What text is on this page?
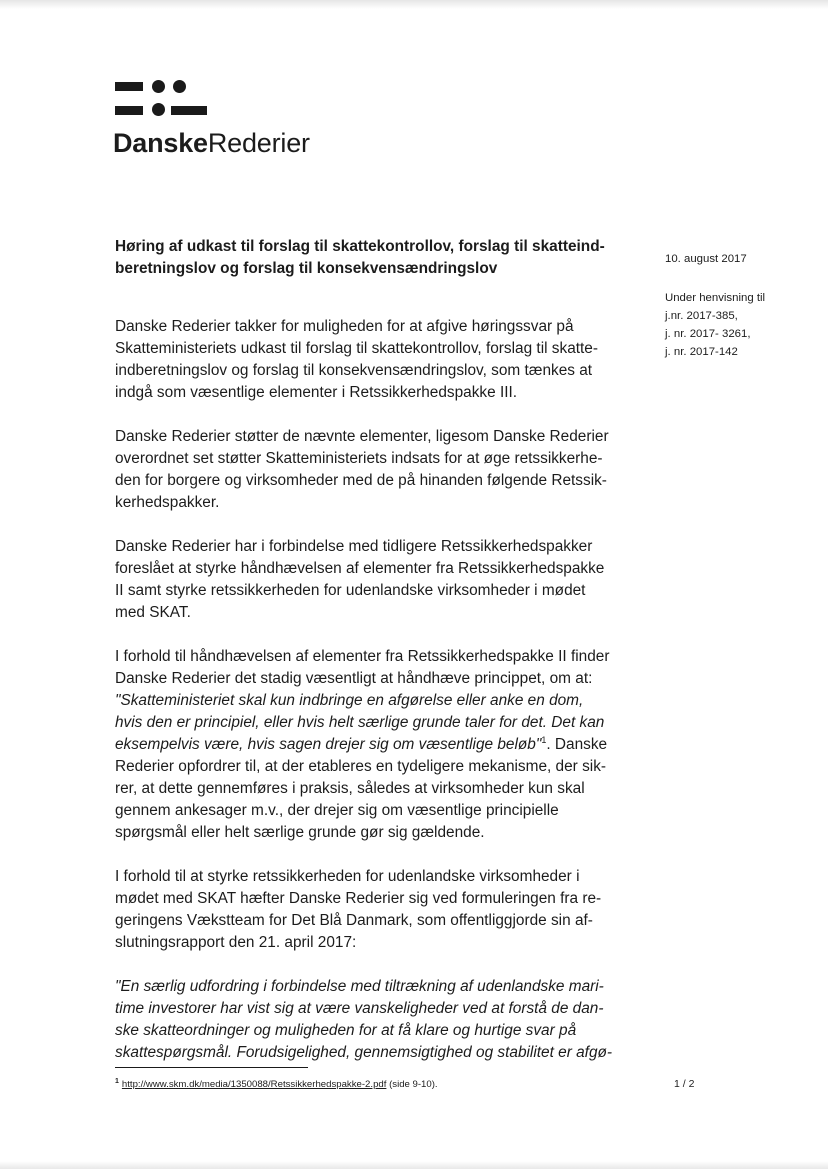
DanskeRederier
Høring af udkast til forslag til skattekontrollov, forslag til skatteind-
beretningslov og forslag til konsekvensændringslov
10. august 2017
Under henvisning til
j.nr. 2017-385,
j. nr. 2017- 3261,
j. nr. 2017-142

Danske Rederier takker for muligheden for at afgive høringssvar på
Skatteministeriets udkast til forslag til skattekontrollov, forslag til skatte-
indberetningslov og forslag til konsekvensændringslov, som tænkes at
indgå som væsentlige elementer i Retssikkerhedspakke III.

Danske Rederier støtter de nævnte elementer, ligesom Danske Rederier
overordnet set støtter Skatteministeriets indsats for at øge retssikkerhe-
den for borgere og virksomheder med de på hinanden følgende Retssik-
kerhedspakker.

Danske Rederier har i forbindelse med tidligere Retssikkerhedspakker
foreslået at styrke håndhævelsen af elementer fra Retssikkerhedspakke
II samt styrke retssikkerheden for udenlandske virksomheder i mødet
med SKAT.

I forhold til håndhævelsen af elementer fra Retssikkerhedspakke II finder
Danske Rederier det stadig væsentligt at håndhæve princippet, om at:
"Skatteministeriet skal kun indbringe en afgørelse eller anke en dom,
hvis den er principiel, eller hvis helt særlige grunde taler for det. Det kan
eksempelvis være, hvis sagen drejer sig om væsentlige beløb"$^1$. Danske
Rederier opfordrer til, at der etableres en tydeligere mekanisme, der sik-
rer, at dette gennemføres i praksis, således at virksomheder kun skal
gennem ankesager m.v., der drejer sig om væsentlige principielle
spørgsmål eller helt særlige grunde gør sig gældende.

I forhold til at styrke retssikkerheden for udenlandske virksomheder i
mødet med SKAT hæfter Danske Rederier sig ved formuleringen fra re-
geringens Vækstteam for Det Blå Danmark, som offentliggjorde sin af-
slutningsrapport den 21. april 2017:

"En særlig udfordring i forbindelse med tiltrækning af udenlandske mari-
time investorer har vist sig at være vanskeligheder ved at forstå de dan-
ske skatteordninger og muligheden for at få klare og hurtige svar på
skattespørgsmål. Forudsigelighed, gennemsigtighed og stabilitet er afgø-

$^1$ http://www.skm.dk/media/1350088/Retssikkerhedspakke-2.pdf (side 9-10).	1 / 2
